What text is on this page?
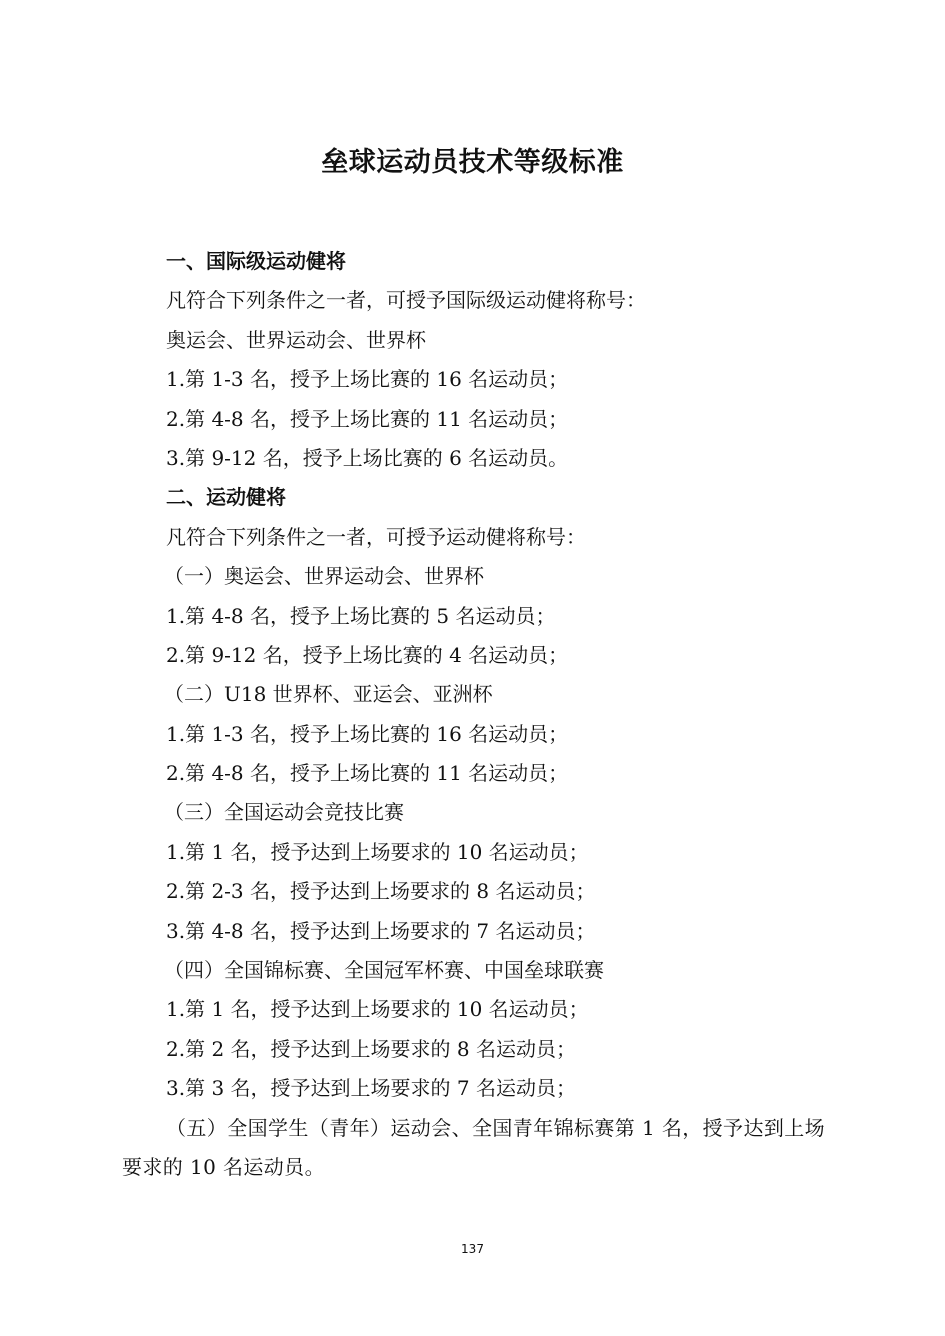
垒球运动员技术等级标准
一、国际级运动健将
凡符合下列条件之一者，可授予国际级运动健将称号：
奥运会、世界运动会、世界杯
1.第 1-3 名，授予上场比赛的 16 名运动员；
2.第 4-8 名，授予上场比赛的 11 名运动员；
3.第 9-12 名，授予上场比赛的 6 名运动员。
二、运动健将
凡符合下列条件之一者，可授予运动健将称号：
（一）奥运会、世界运动会、世界杯
1.第 4-8 名，授予上场比赛的 5 名运动员；
2.第 9-12 名，授予上场比赛的 4 名运动员；
（二）U18 世界杯、亚运会、亚洲杯
1.第 1-3 名，授予上场比赛的 16 名运动员；
2.第 4-8 名，授予上场比赛的 11 名运动员；
（三）全国运动会竞技比赛
1.第 1 名，授予达到上场要求的 10 名运动员；
2.第 2-3 名，授予达到上场要求的 8 名运动员；
3.第 4-8 名，授予达到上场要求的 7 名运动员；
（四）全国锦标赛、全国冠军杯赛、中国垒球联赛
1.第 1 名，授予达到上场要求的 10 名运动员；
2.第 2 名，授予达到上场要求的 8 名运动员；
3.第 3 名，授予达到上场要求的 7 名运动员；
（五）全国学生（青年）运动会、全国青年锦标赛第 1 名，授予达到上场要求的 10 名运动员。
137
